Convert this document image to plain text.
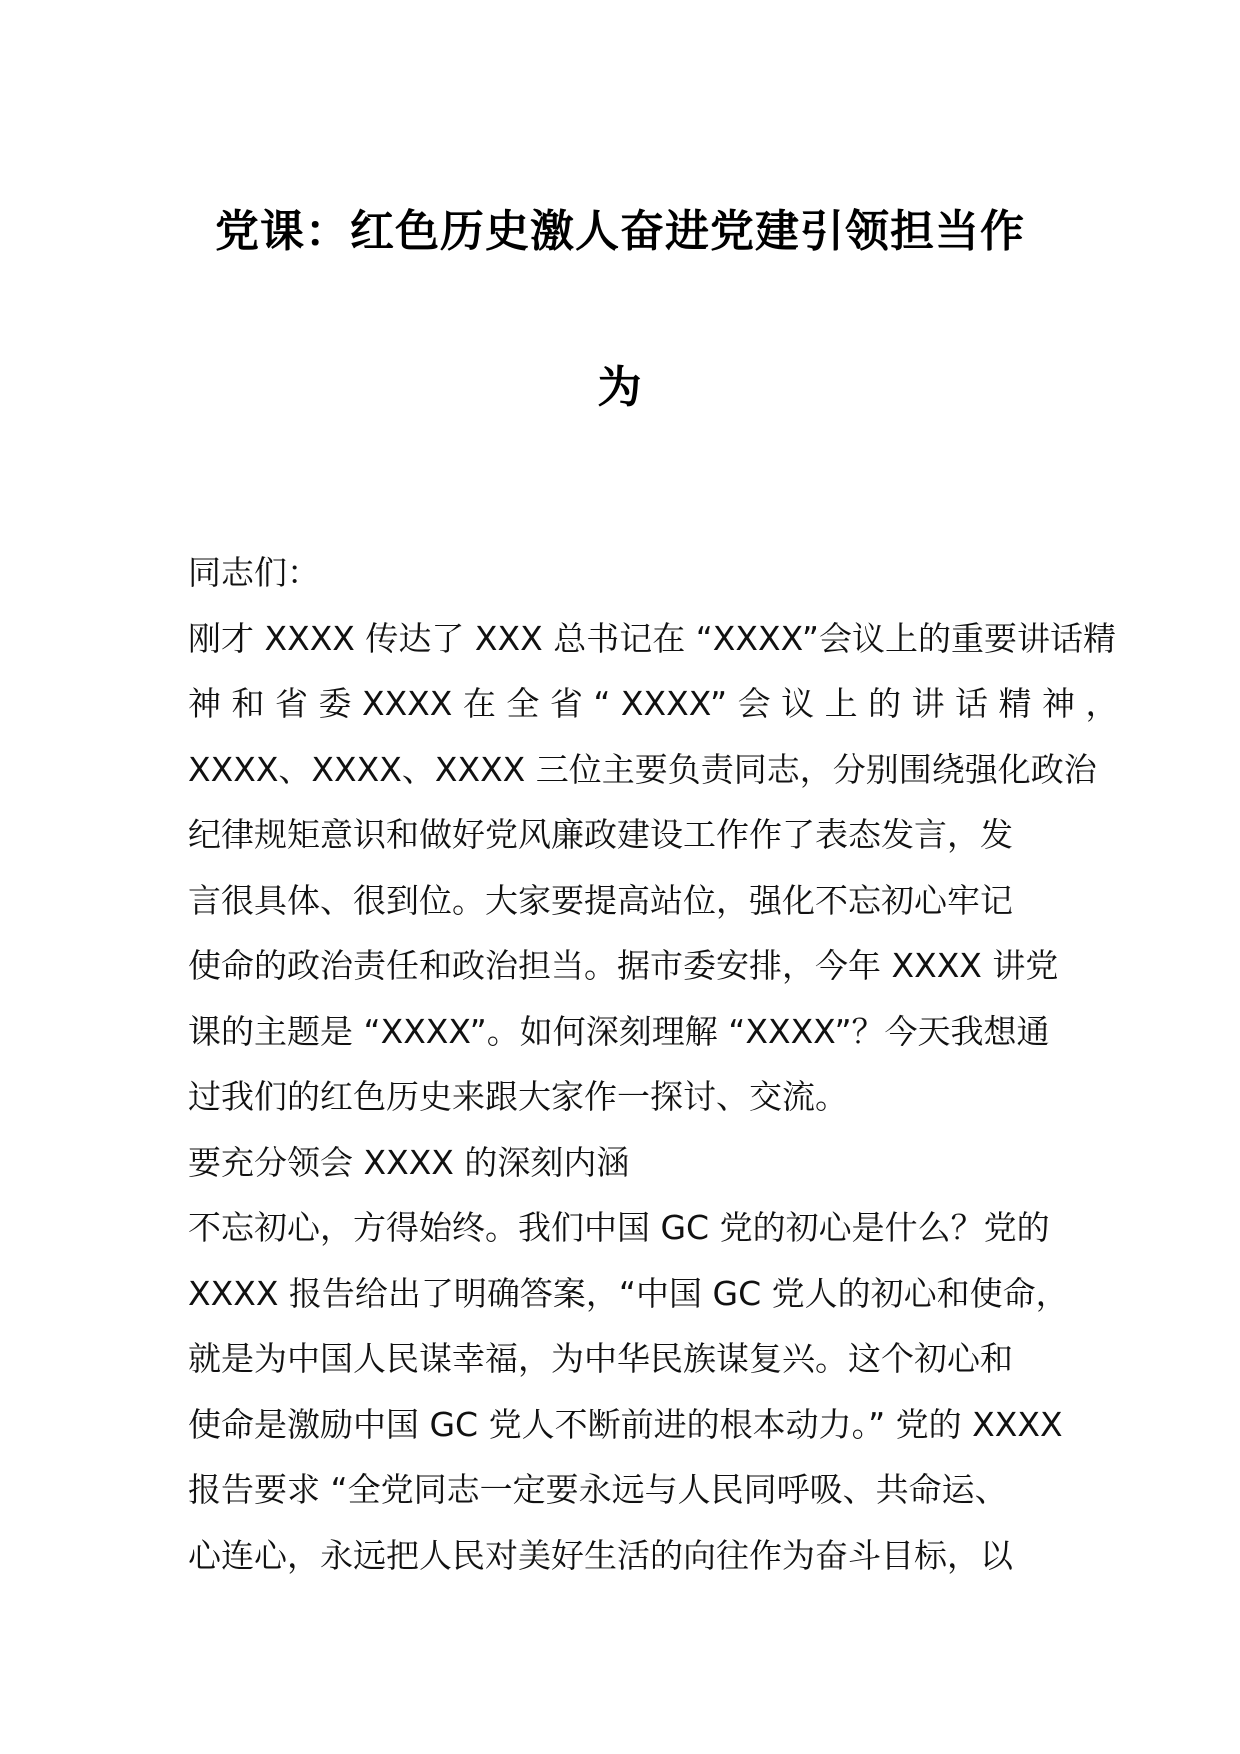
党课：红色历史激人奋进党建引领担当作
为
同志们：
刚才 XXXX 传达了 XXX 总书记在 “XXXX”会议上的重要讲话精
神 和 省 委 XXXX 在 全 省 “ XXXX” 会 议 上 的 讲 话 精 神 ，
XXXX、XXXX、XXXX 三位主要负责同志，分别围绕强化政治
纪律规矩意识和做好党风廉政建设工作作了表态发言，发
言很具体、很到位。大家要提高站位，强化不忘初心牢记
使命的政治责任和政治担当。据市委安排，今年 XXXX 讲党
课的主题是 “XXXX”。如何深刻理解 “XXXX”？今天我想通
过我们的红色历史来跟大家作一探讨、交流。
要充分领会 XXXX 的深刻内涵
不忘初心，方得始终。我们中国 GC 党的初心是什么？党的
XXXX 报告给出了明确答案，“中国 GC 党人的初心和使命，
就是为中国人民谋幸福，为中华民族谋复兴。这个初心和
使命是激励中国 GC 党人不断前进的根本动力。” 党的 XXXX
报告要求 “全党同志一定要永远与人民同呼吸、共命运、
心连心，永远把人民对美好生活的向往作为奋斗目标，以
